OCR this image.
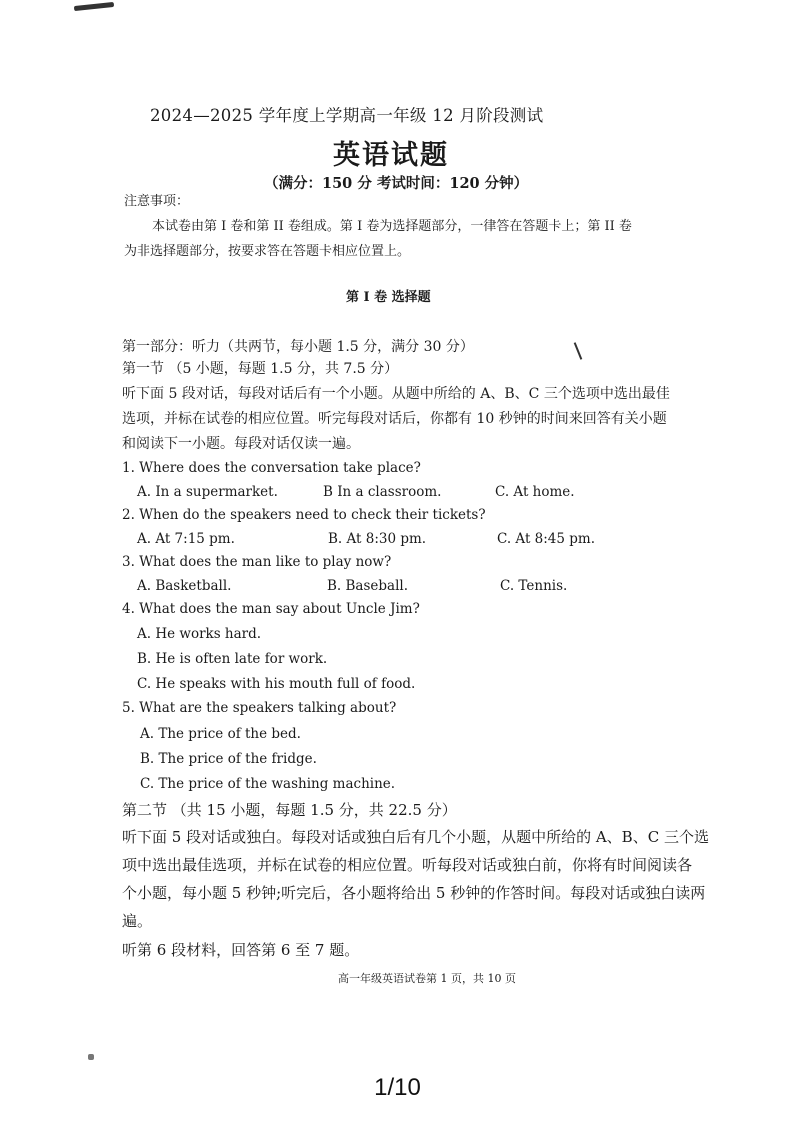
2024—2025 学年度上学期高一年级 12 月阶段测试
英语试题
（满分：150 分 考试时间：120 分钟）
注意事项：
本试卷由第 I 卷和第 II 卷组成。第 I 卷为选择题部分，一律答在答题卡上；第 II 卷
为非选择题部分，按要求答在答题卡相应位置上。
第 I 卷 选择题
第一部分：听力（共两节，每小题 1.5 分，满分 30 分）
第一节 （5 小题，每题 1.5 分，共 7.5 分）
听下面 5 段对话，每段对话后有一个小题。从题中所给的 A、B、C 三个选项中选出最佳
选项，并标在试卷的相应位置。听完每段对话后，你都有 10 秒钟的时间来回答有关小题
和阅读下一小题。每段对话仅读一遍。
1. Where does the conversation take place?
A. In a supermarket.	B In a classroom.	C. At home.
2. When do the speakers need to check their tickets?
A. At 7:15 pm.	B. At 8:30 pm.	C. At 8:45 pm.
3. What does the man like to play now?
A. Basketball.	B. Baseball.	C. Tennis.
4. What does the man say about Uncle Jim?
A. He works hard.
B. He is often late for work.
C. He speaks with his mouth full of food.
5. What are the speakers talking about?
A. The price of the bed.
B. The price of the fridge.
C. The price of the washing machine.
第二节 （共 15 小题，每题 1.5 分，共 22.5 分）
听下面 5 段对话或独白。每段对话或独白后有几个小题，从题中所给的 A、B、C 三个选
项中选出最佳选项，并标在试卷的相应位置。听每段对话或独白前，你将有时间阅读各
个小题，每小题 5 秒钟;听完后，各小题将给出 5 秒钟的作答时间。每段对话或独白读两
遍。
听第 6 段材料，回答第 6 至 7 题。
高一年级英语试卷第 1 页，共 10 页
1/10
